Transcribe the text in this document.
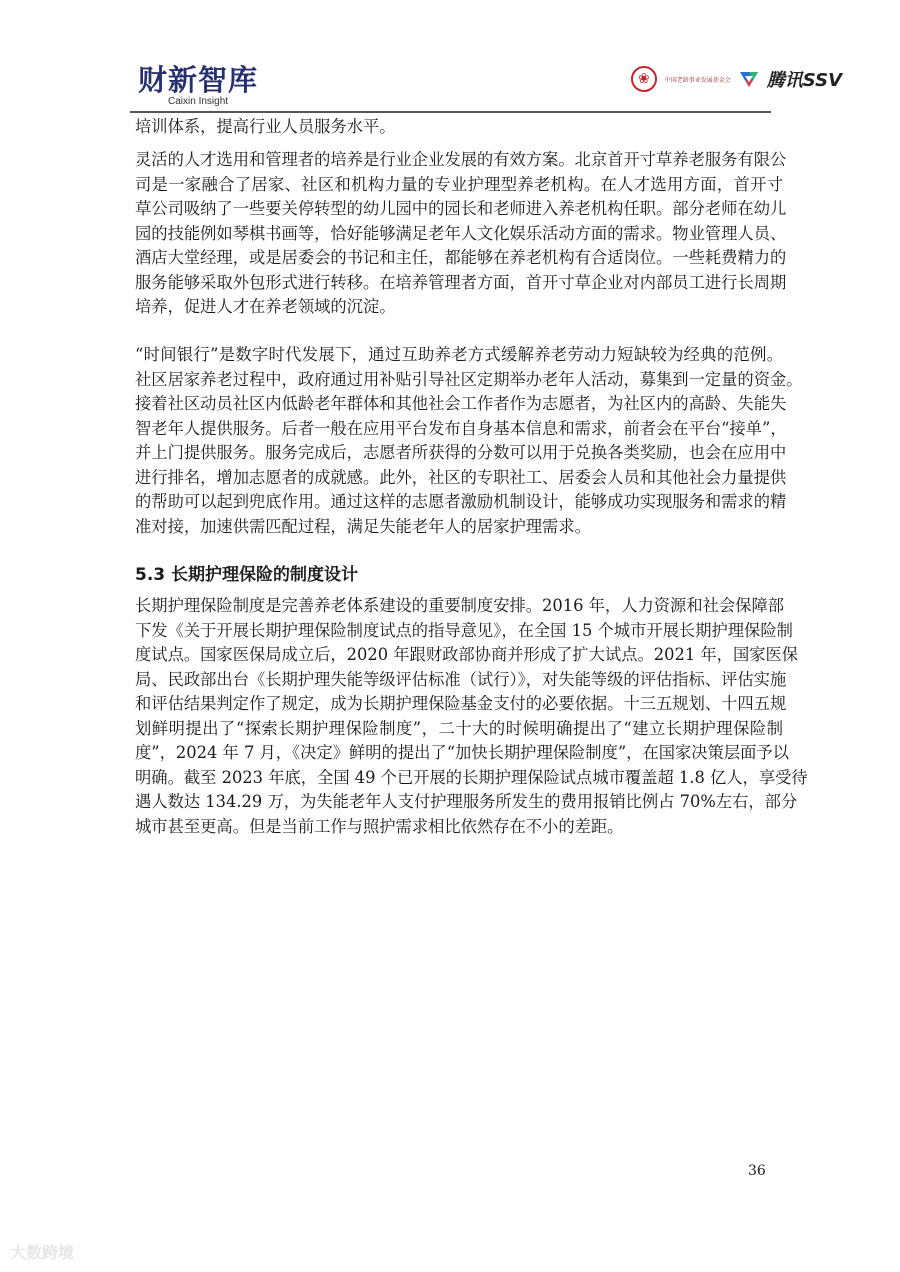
财新智库
Caixin Insight
❀	中国老龄事业发展基金会 腾讯SSV
培训体系，提高行业人员服务水平。
灵活的人才选用和管理者的培养是行业企业发展的有效方案。北京首开寸草养老服务有限公
司是一家融合了居家、社区和机构力量的专业护理型养老机构。在人才选用方面，首开寸
草公司吸纳了一些要关停转型的幼儿园中的园长和老师进入养老机构任职。部分老师在幼儿
园的技能例如琴棋书画等，恰好能够满足老年人文化娱乐活动方面的需求。物业管理人员、
酒店大堂经理，或是居委会的书记和主任，都能够在养老机构有合适岗位。一些耗费精力的
服务能够采取外包形式进行转移。在培养管理者方面，首开寸草企业对内部员工进行长周期
培养，促进人才在养老领域的沉淀。
“时间银行”是数字时代发展下，通过互助养老方式缓解养老劳动力短缺较为经典的范例。
社区居家养老过程中，政府通过用补贴引导社区定期举办老年人活动，募集到一定量的资金。
接着社区动员社区内低龄老年群体和其他社会工作者作为志愿者，为社区内的高龄、失能失
智老年人提供服务。后者一般在应用平台发布自身基本信息和需求，前者会在平台“接单”，
并上门提供服务。服务完成后，志愿者所获得的分数可以用于兑换各类奖励，也会在应用中
进行排名，增加志愿者的成就感。此外，社区的专职社工、居委会人员和其他社会力量提供
的帮助可以起到兜底作用。通过这样的志愿者激励机制设计，能够成功实现服务和需求的精
准对接，加速供需匹配过程，满足失能老年人的居家护理需求。
5.3 长期护理保险的制度设计
长期护理保险制度是完善养老体系建设的重要制度安排。2016 年，人力资源和社会保障部
下发《关于开展长期护理保险制度试点的指导意见》，在全国 15 个城市开展长期护理保险制
度试点。国家医保局成立后，2020 年跟财政部协商并形成了扩大试点。2021 年，国家医保
局、民政部出台《长期护理失能等级评估标准（试行）》，对失能等级的评估指标、评估实施
和评估结果判定作了规定，成为长期护理保险基金支付的必要依据。十三五规划、十四五规
划鲜明提出了“探索长期护理保险制度”，二十大的时候明确提出了“建立长期护理保险制
度”，2024 年 7 月，《决定》鲜明的提出了“加快长期护理保险制度”，在国家决策层面予以
明确。截至 2023 年底，全国 49 个已开展的长期护理保险试点城市覆盖超 1.8 亿人，享受待
遇人数达 134.29 万，为失能老年人支付护理服务所发生的费用报销比例占 70%左右，部分
城市甚至更高。但是当前工作与照护需求相比依然存在不小的差距。
36
大数跨境
